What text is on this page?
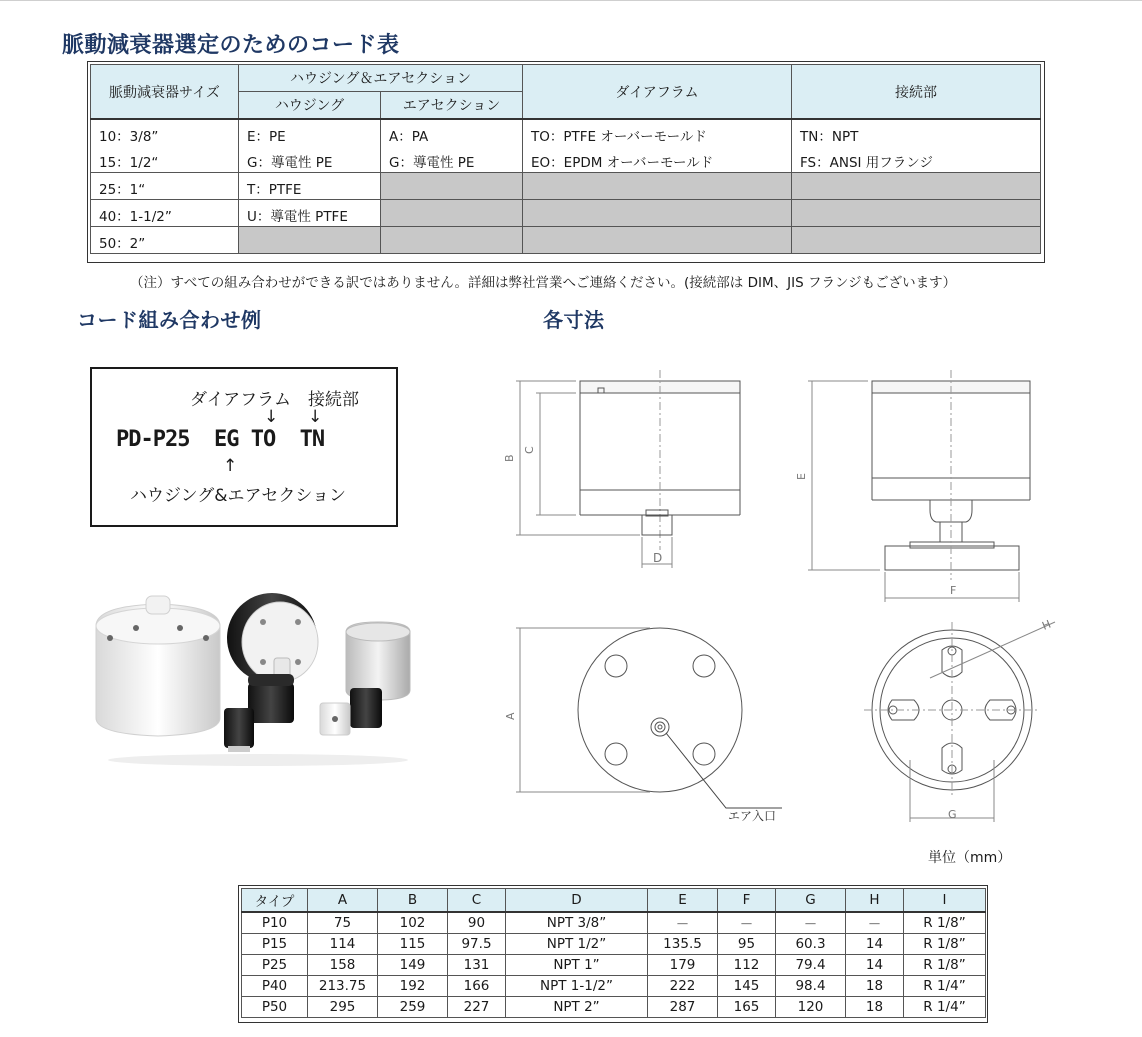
脈動減衰器選定のためのコード表
脈動減衰器サイズ	ハウジング＆エアセクション		ダイアフラム	接続部
	ハウジング	エアセクション		
10：3/8”	E：PE	A：PA	TO：PTFE オーバーモールド	TN：NPT
15：1/2“	G：導電性 PE	G：導電性 PE	EO：EPDM オーバーモールド	FS：ANSI 用フランジ
25：1“	T：PTFE			
40：1-1/2”	U：導電性 PTFE			
50：2”				
（注）すべての組み合わせができる訳ではありません。詳細は弊社営業へご連絡ください。(接続部は DIM、JIS フランジもございます）
コード組み合わせ例	各寸法
ダイアフラム 接続部
↓ ↓
PD-P25  EG TO  TN
↑
ハウジング&エアセクション
B
C
D
E
F
A
エア入口	G
H
単位（mm）
タイプ	A	B	C	D	E	F	G	H	I
P10	75	102	90	NPT 3/8”	－	－	－	－	R 1/8”
P15	114	115	97.5	NPT 1/2”	135.5	95	60.3	14	R 1/8”
P25	158	149	131	NPT 1”	179	112	79.4	14	R 1/8”
P40	213.75	192	166	NPT 1-1/2”	222	145	98.4	18	R 1/4”
P50	295	259	227	NPT 2”	287	165	120	18	R 1/4”
